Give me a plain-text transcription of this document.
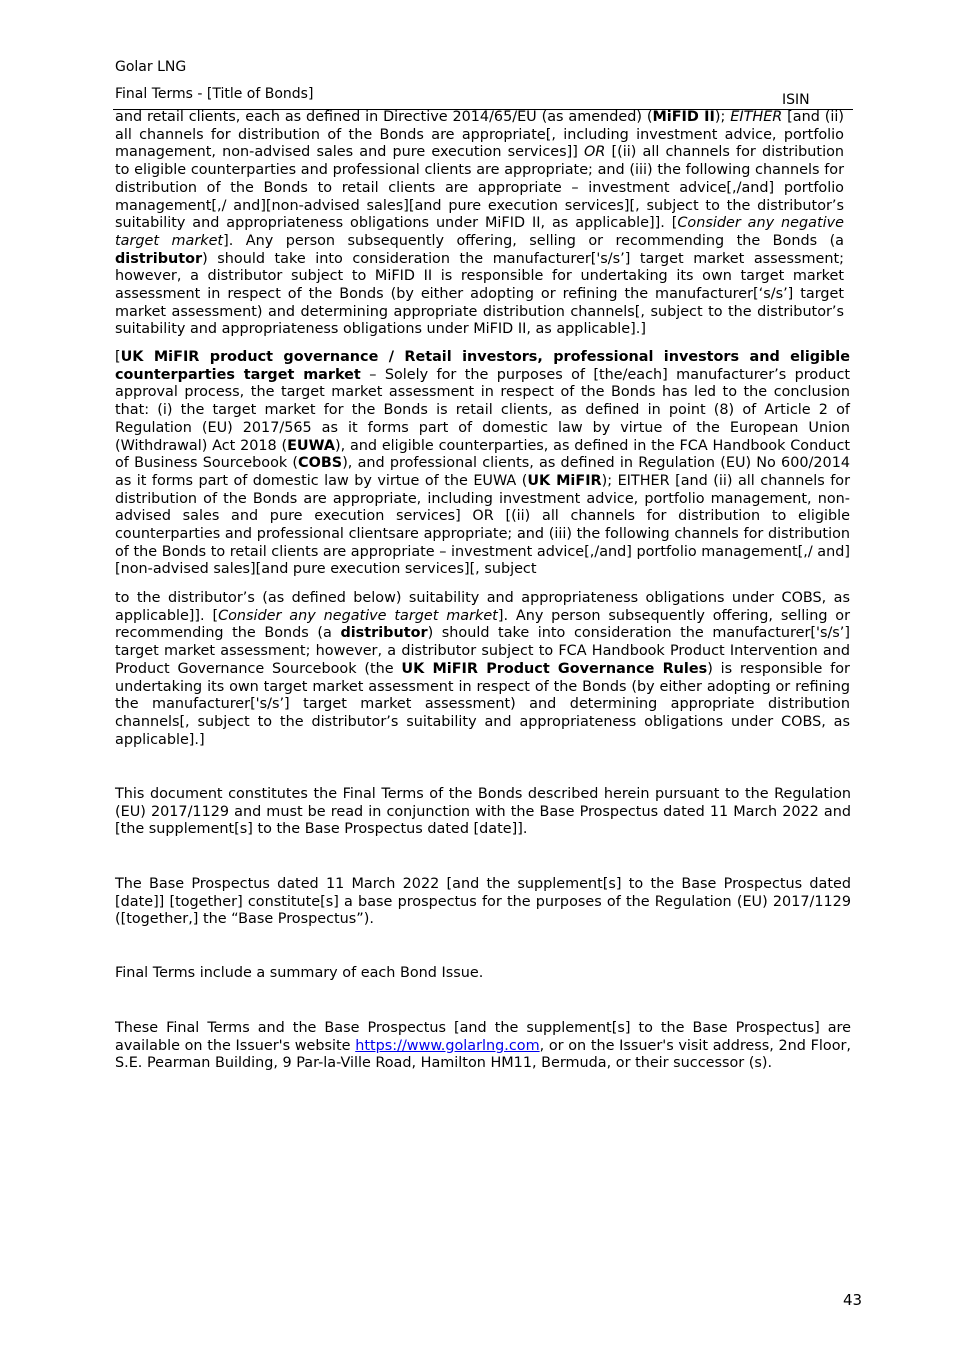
Golar LNG
Final Terms - [Title of Bonds]	ISIN

and retail clients, each as defined in Directive 2014/65/EU (as amended) (MiFID II); EITHER [and (ii) all channels for distribution of the Bonds are appropriate[, including investment advice, portfolio management, non-advised sales and pure execution services]] OR [(ii) all channels for distribution to eligible counterparties and professional clients are appropriate; and (iii) the following channels for distribution of the Bonds to retail clients are appropriate – investment advice[,/and] portfolio management[,/ and][non-advised sales][and pure execution services][, subject to the distributor’s suitability and appropriateness obligations under MiFID II, as applicable]]. [Consider any negative target market]. Any person subsequently offering, selling or recommending the Bonds (a distributor) should take into consideration the manufacturer['s/s’] target market assessment; however, a distributor subject to MiFID II is responsible for undertaking its own target market assessment in respect of the Bonds (by either adopting or refining the manufacturer[‘s/s’] target market assessment) and determining appropriate distribution channels[, subject to the distributor’s suitability and appropriateness obligations under MiFID II, as applicable].]

[UK MiFIR product governance / Retail investors, professional investors and eligible counterparties target market – Solely for the purposes of [the/each] manufacturer’s product approval process, the target market assessment in respect of the Bonds has led to the conclusion that: (i) the target market for the Bonds is retail clients, as defined in point (8) of Article 2 of Regulation (EU) 2017/565 as it forms part of domestic law by virtue of the European Union (Withdrawal) Act 2018 (EUWA), and eligible counterparties, as defined in the FCA Handbook Conduct of Business Sourcebook (COBS), and professional clients, as defined in Regulation (EU) No 600/2014 as it forms part of domestic law by virtue of the EUWA (UK MiFIR); EITHER [and (ii) all channels for distribution of the Bonds are appropriate, including investment advice, portfolio management, non-advised sales and pure execution services] OR [(ii) all channels for distribution to eligible counterparties and professional clientsare appropriate; and (iii) the following channels for distribution of the Bonds to retail clients are appropriate – investment advice[,/and] portfolio management[,/ and][non-advised sales][and pure execution services][, subject

to the distributor’s (as defined below) suitability and appropriateness obligations under COBS, as applicable]]. [Consider any negative target market]. Any person subsequently offering, selling or recommending the Bonds (a distributor) should take into consideration the manufacturer['s/s’] target market assessment; however, a distributor subject to FCA Handbook Product Intervention and Product Governance Sourcebook (the UK MiFIR Product Governance Rules) is responsible for undertaking its own target market assessment in respect of the Bonds (by either adopting or refining the manufacturer['s/s’] target market assessment) and determining appropriate distribution channels[, subject to the distributor’s suitability and appropriateness obligations under COBS, as applicable].]

This document constitutes the Final Terms of the Bonds described herein pursuant to the Regulation (EU) 2017/1129 and must be read in conjunction with the Base Prospectus dated 11 March 2022 and [the supplement[s] to the Base Prospectus dated [date]].

The Base Prospectus dated 11 March 2022 [and the supplement[s] to the Base Prospectus dated [date]] [together] constitute[s] a base prospectus for the purposes of the Regulation (EU) 2017/1129 ([together,] the “Base Prospectus”).

Final Terms include a summary of each Bond Issue.

These Final Terms and the Base Prospectus [and the supplement[s] to the Base Prospectus] are available on the Issuer's website https://www.golarlng.com, or on the Issuer's visit address, 2nd Floor, S.E. Pearman Building, 9 Par-la-Ville Road, Hamilton HM11, Bermuda, or their successor (s).

43
